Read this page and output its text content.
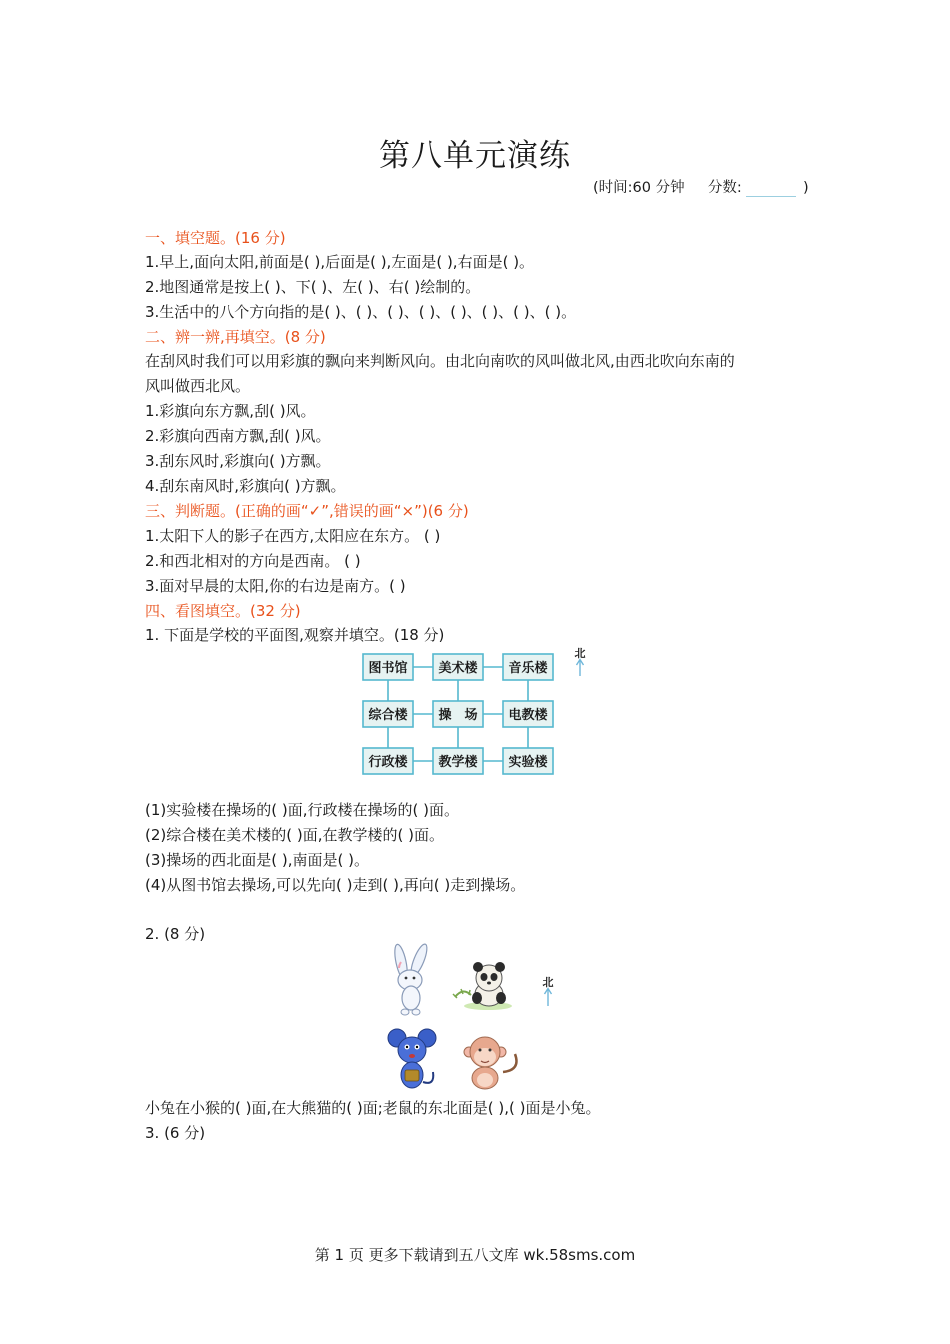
第八单元演练
(时间:60 分钟 分数:	)
一、填空题。(16 分)
1.早上,面向太阳,前面是( ),后面是( ),左面是( ),右面是( )。
2.地图通常是按上( )、下( )、左( )、右( )绘制的。
3.生活中的八个方向指的是( )、( )、( )、( )、( )、( )、( )、( )。
二、辨一辨,再填空。(8 分)
在刮风时我们可以用彩旗的飘向来判断风向。由北向南吹的风叫做北风,由西北吹向东南的
风叫做西北风。
1.彩旗向东方飘,刮( )风。
2.彩旗向西南方飘,刮( )风。
3.刮东风时,彩旗向( )方飘。
4.刮东南风时,彩旗向( )方飘。
三、判断题。(正确的画“✓”,错误的画“×”)(6 分)
1.太阳下人的影子在西方,太阳应在东方。 ( )
2.和西北相对的方向是西南。 ( )
3.面对早晨的太阳,你的右边是南方。( )
四、看图填空。(32 分)
1. 下面是学校的平面图,观察并填空。(18 分)
图书馆 美术楼 音乐楼
综合楼 操　场 电教楼
行政楼 教学楼 实验楼
北
(1)实验楼在操场的( )面,行政楼在操场的( )面。
(2)综合楼在美术楼的( )面,在教学楼的( )面。
(3)操场的西北面是( ),南面是( )。
(4)从图书馆去操场,可以先向( )走到( ),再向( )走到操场。
2. (8 分)
北
小兔在小猴的( )面,在大熊猫的( )面;老鼠的东北面是( ),( )面是小兔。
3. (6 分)
第 1 页 更多下载请到五八文库 wk.58sms.com
